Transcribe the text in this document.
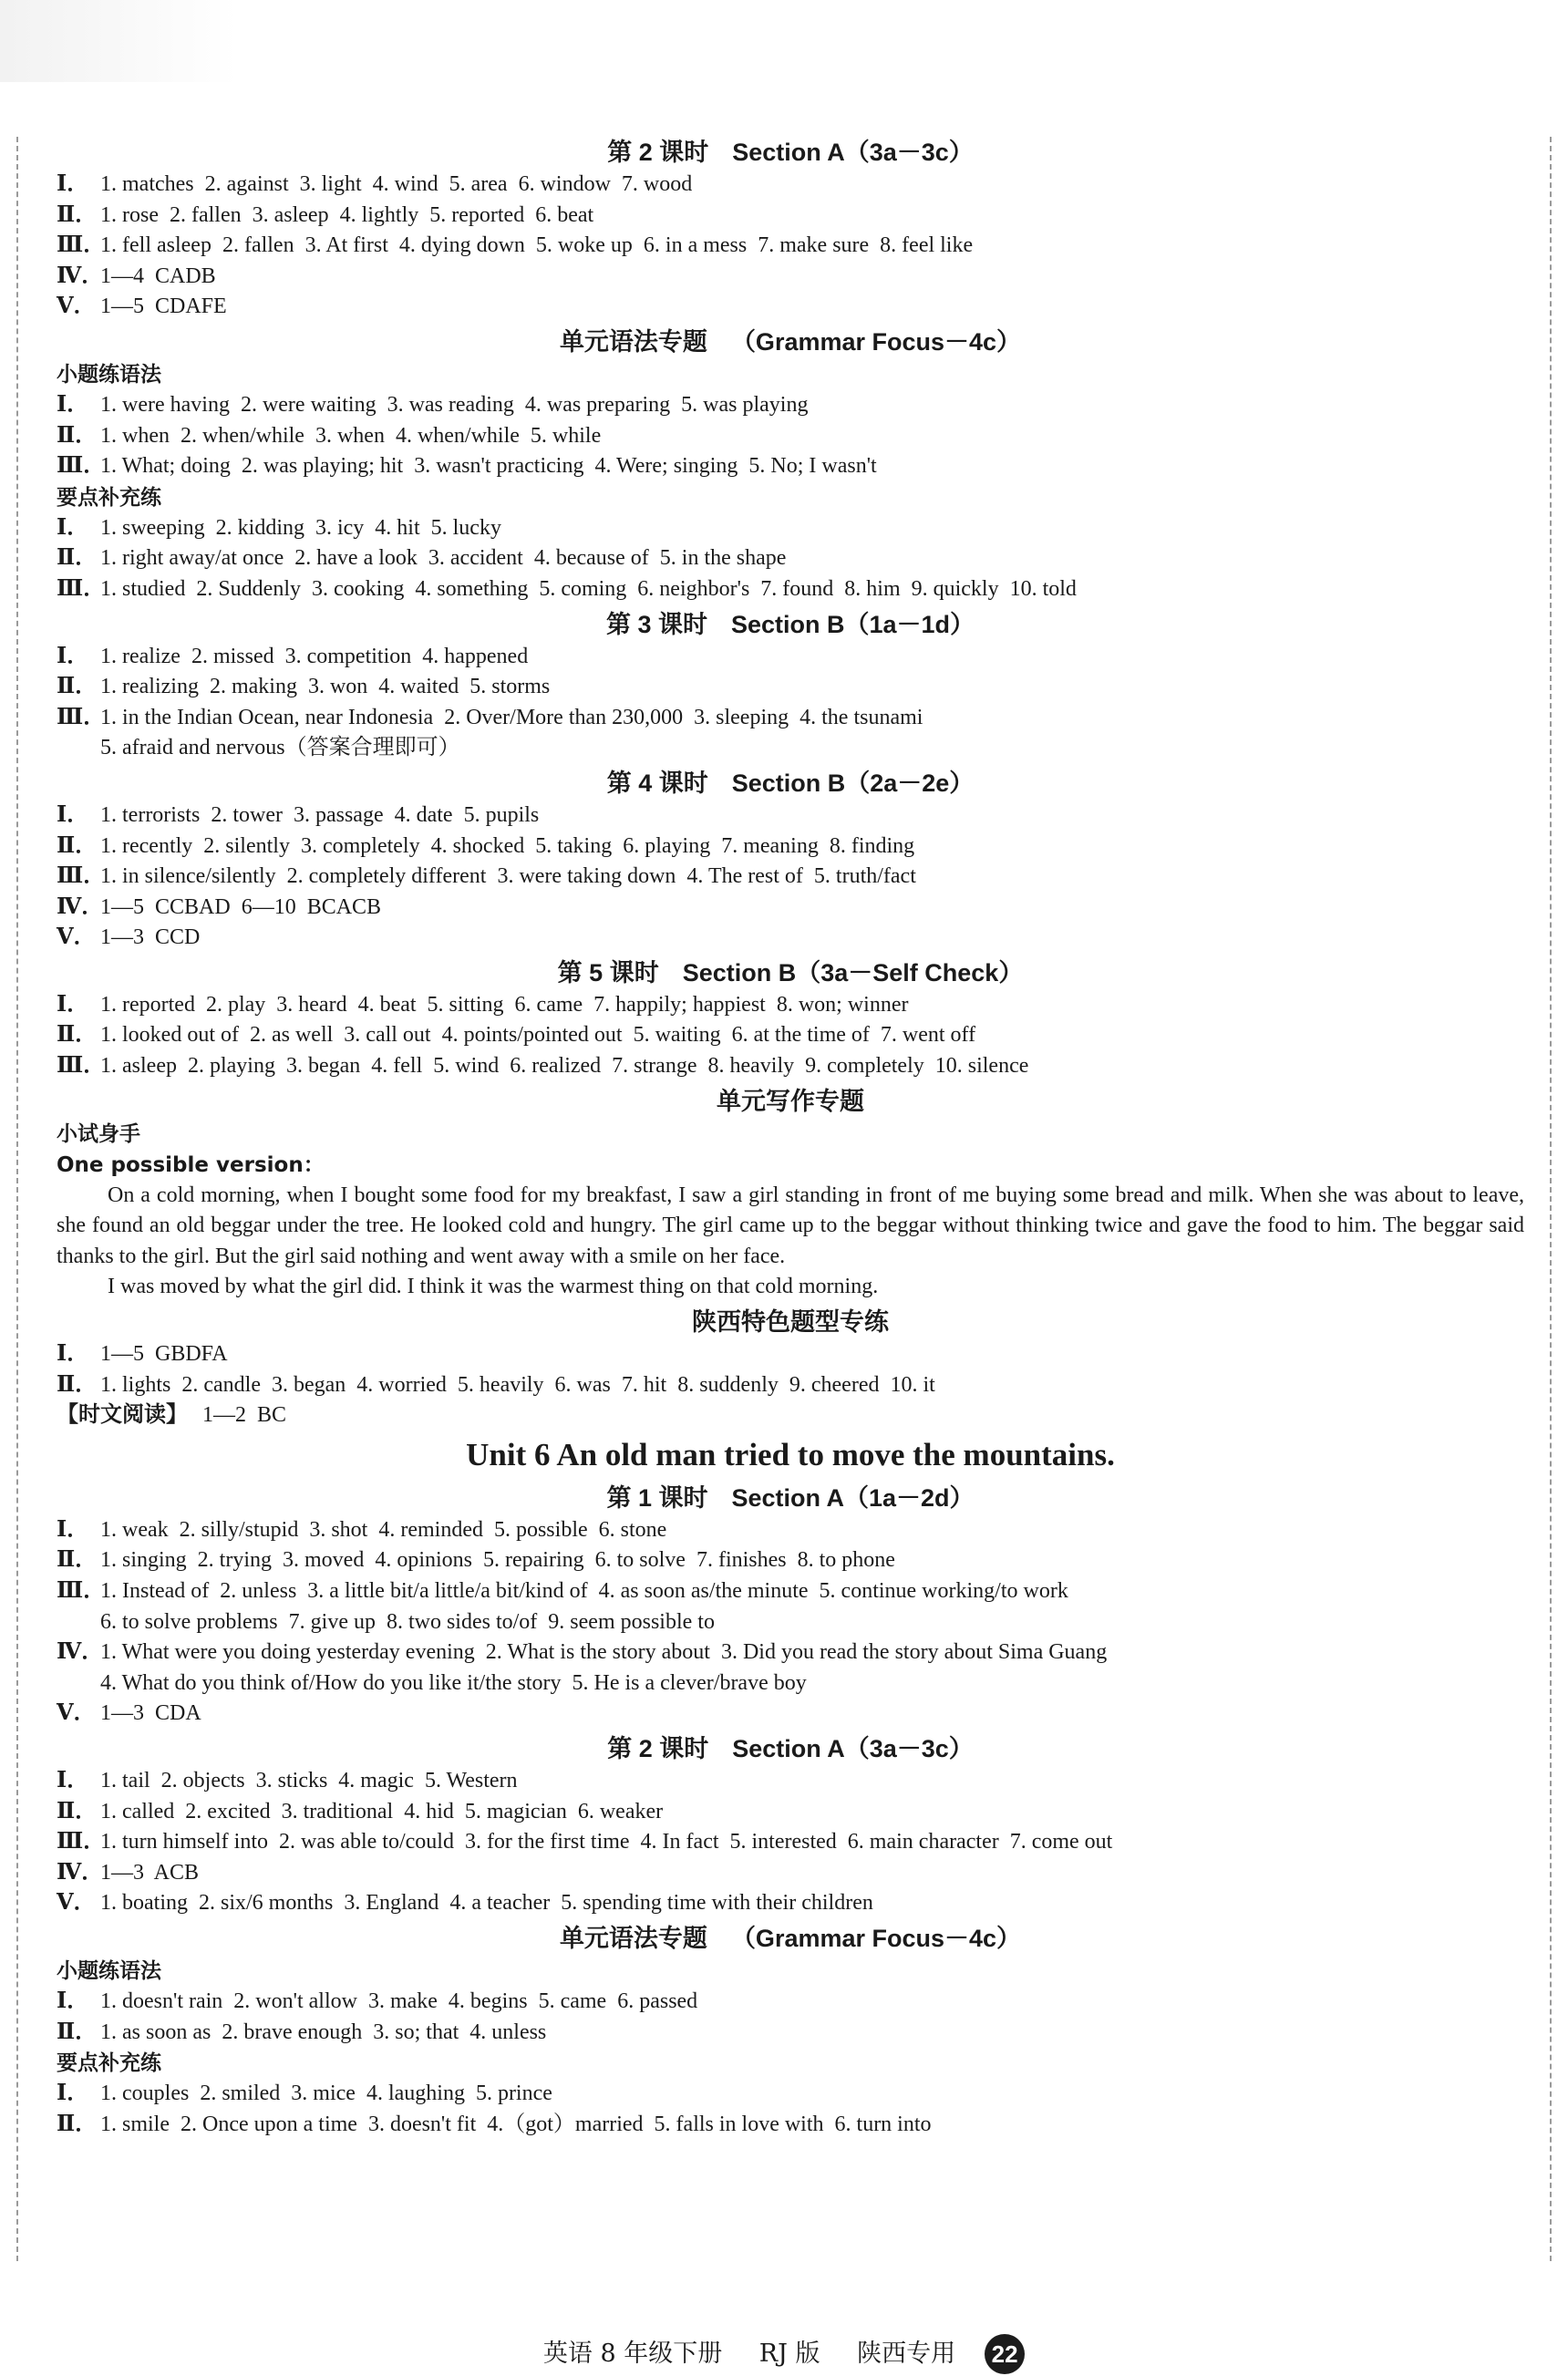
第 2 课时 Section A（3a－3c）
Ⅰ． 1. matches  2. against  3. light  4. wind  5. area  6. window  7. wood
Ⅱ． 1. rose  2. fallen  3. asleep  4. lightly  5. reported  6. beat
Ⅲ．1. fell asleep  2. fallen  3. At first  4. dying down  5. woke up  6. in a mess  7. make sure  8. feel like
Ⅳ．1—4  CADB
Ⅴ． 1—5  CDAFE
单元语法专题 （Grammar Focus－4c）
小题练语法
Ⅰ． 1. were having  2. were waiting  3. was reading  4. was preparing  5. was playing
Ⅱ． 1. when  2. when/while  3. when  4. when/while  5. while
Ⅲ．1. What; doing  2. was playing; hit  3. wasn't practicing  4. Were; singing  5. No; I wasn't
要点补充练
Ⅰ． 1. sweeping  2. kidding  3. icy  4. hit  5. lucky
Ⅱ． 1. right away/at once  2. have a look  3. accident  4. because of  5. in the shape
Ⅲ．1. studied  2. Suddenly  3. cooking  4. something  5. coming  6. neighbor's  7. found  8. him  9. quickly  10. told
第 3 课时 Section B（1a－1d）
Ⅰ． 1. realize  2. missed  3. competition  4. happened
Ⅱ． 1. realizing  2. making  3. won  4. waited  5. storms
Ⅲ．1. in the Indian Ocean, near Indonesia  2. Over/More than 230,000  3. sleeping  4. the tsunami
5. afraid and nervous（答案合理即可）
第 4 课时 Section B（2a－2e）
Ⅰ． 1. terrorists  2. tower  3. passage  4. date  5. pupils
Ⅱ． 1. recently  2. silently  3. completely  4. shocked  5. taking  6. playing  7. meaning  8. finding
Ⅲ．1. in silence/silently  2. completely different  3. were taking down  4. The rest of  5. truth/fact
Ⅳ．1—5  CCBAD  6—10  BCACB
Ⅴ． 1—3  CCD
第 5 课时 Section B（3a－Self Check）
Ⅰ． 1. reported  2. play  3. heard  4. beat  5. sitting  6. came  7. happily; happiest  8. won; winner
Ⅱ． 1. looked out of  2. as well  3. call out  4. points/pointed out  5. waiting  6. at the time of  7. went off
Ⅲ．1. asleep  2. playing  3. began  4. fell  5. wind  6. realized  7. strange  8. heavily  9. completely  10. silence
单元写作专题
小试身手
One possible version：
On a cold morning, when I bought some food for my breakfast, I saw a girl standing in front of me buying some bread and milk. When she was about to leave, she found an old beggar under the tree. He looked cold and hungry. The girl came up to the beggar without thinking twice and gave the food to him. The beggar said thanks to the girl. But the girl said nothing and went away with a smile on her face.
I was moved by what the girl did. I think it was the warmest thing on that cold morning.
陕西特色题型专练
Ⅰ． 1—5  GBDFA
Ⅱ． 1. lights  2. candle  3. began  4. worried  5. heavily  6. was  7. hit  8. suddenly  9. cheered  10. it
【时文阅读】 1—2  BC
Unit 6 An old man tried to move the mountains.
第 1 课时 Section A（1a－2d）
Ⅰ． 1. weak  2. silly/stupid  3. shot  4. reminded  5. possible  6. stone
Ⅱ． 1. singing  2. trying  3. moved  4. opinions  5. repairing  6. to solve  7. finishes  8. to phone
Ⅲ．1. Instead of  2. unless  3. a little bit/a little/a bit/kind of  4. as soon as/the minute  5. continue working/to work
6. to solve problems  7. give up  8. two sides to/of  9. seem possible to
Ⅳ．1. What were you doing yesterday evening  2. What is the story about  3. Did you read the story about Sima Guang
4. What do you think of/How do you like it/the story  5. He is a clever/brave boy
Ⅴ． 1—3  CDA
第 2 课时 Section A（3a－3c）
Ⅰ． 1. tail  2. objects  3. sticks  4. magic  5. Western
Ⅱ． 1. called  2. excited  3. traditional  4. hid  5. magician  6. weaker
Ⅲ．1. turn himself into  2. was able to/could  3. for the first time  4. In fact  5. interested  6. main character  7. come out
Ⅳ．1—3  ACB
Ⅴ． 1. boating  2. six/6 months  3. England  4. a teacher  5. spending time with their children
单元语法专题 （Grammar Focus－4c）
小题练语法
Ⅰ． 1. doesn't rain  2. won't allow  3. make  4. begins  5. came  6. passed
Ⅱ． 1. as soon as  2. brave enough  3. so; that  4. unless
要点补充练
Ⅰ． 1. couples  2. smiled  3. mice  4. laughing  5. prince
Ⅱ． 1. smile  2. Once upon a time  3. doesn't fit  4.（got）married  5. falls in love with  6. turn into
英语 8 年级下册 RJ 版 陕西专用 22
